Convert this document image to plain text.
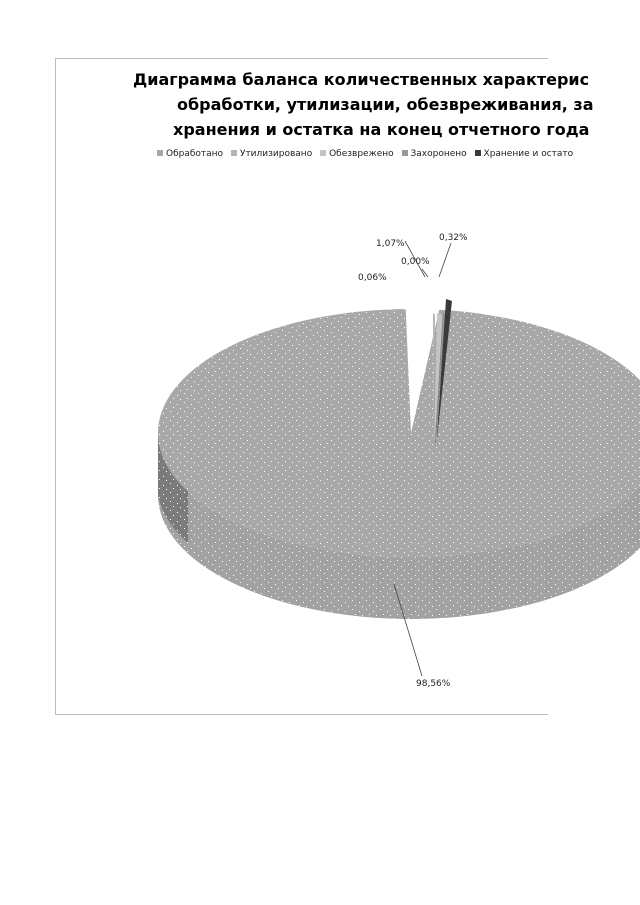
98,56%
0,06%
1,07%
0,00%
0,32%
Диаграмма баланса количественных характерис
обработки, утилизации, обезвреживания, за
хранения и остатка на конец отчетного года
Обработано Утилизировано Обезврежено Захоронено Хранение и остато
